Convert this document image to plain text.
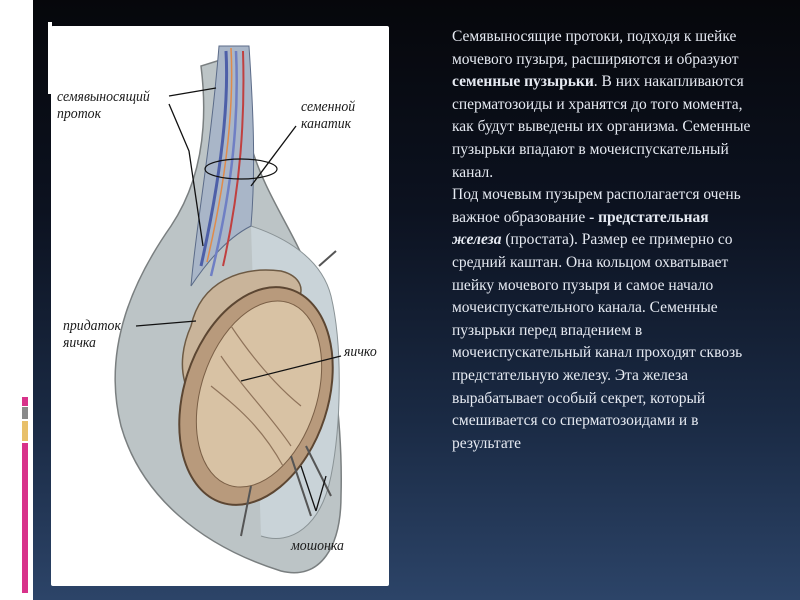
семявыносящий проток	семенной канатик
придаток яичка
яичко
мошонка

Семявыносящие протоки, подходя к шейке мочевого пузыря, расширяются и образуют семенные пузырьки. В них накапливаются сперматозоиды и хранятся до того момента, как будут выведены их организма. Семенные пузырьки впадают в мочеиспускательный канал.

Под мочевым пузырем располагается очень важное образование - предстательная железа (простата). Размер ее примерно со средний каштан. Она кольцом охватывает шейку мочевого пузыря и самое начало мочеиспускательного канала. Семенные пузырьки перед впадением в мочеиспускательный канал проходят сквозь предстательную железу. Эта железа вырабатывает особый секрет, который смешивается со сперматозоидами и в результате
